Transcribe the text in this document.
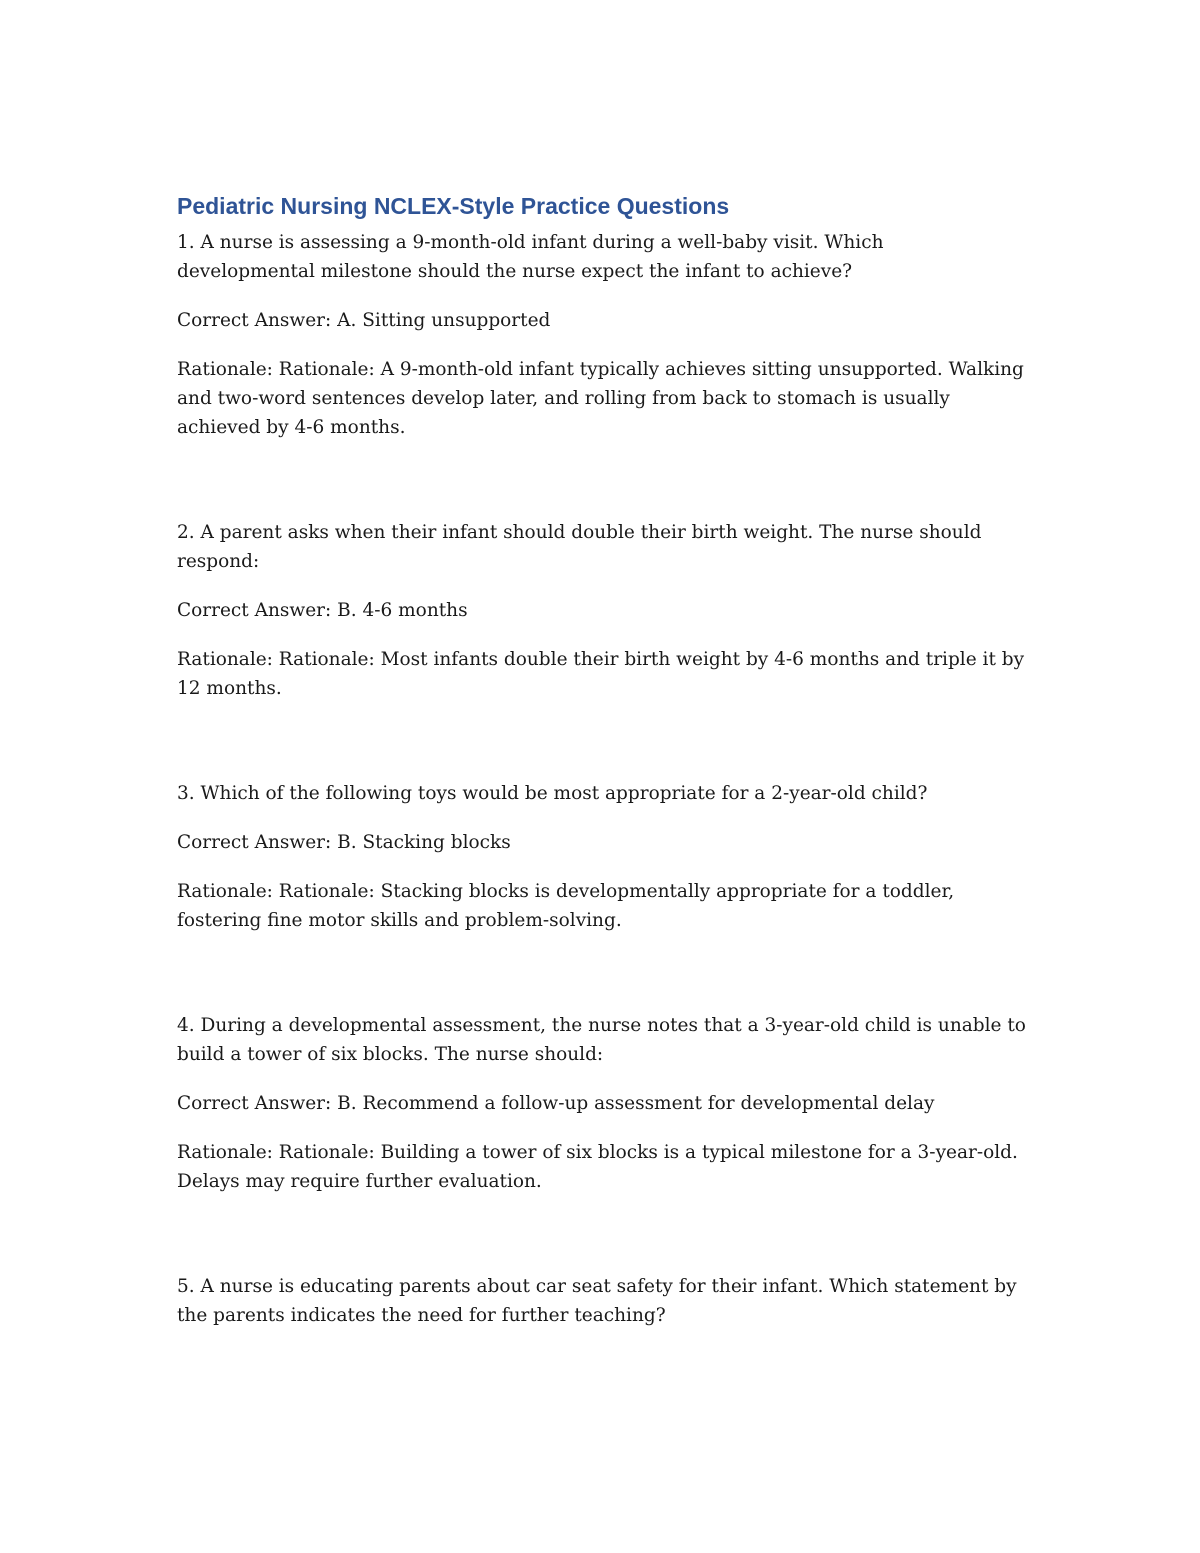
Pediatric Nursing NCLEX-Style Practice Questions

1. A nurse is assessing a 9-month-old infant during a well-baby visit. Which developmental milestone should the nurse expect the infant to achieve?

Correct Answer: A. Sitting unsupported

Rationale: Rationale: A 9-month-old infant typically achieves sitting unsupported. Walking and two-word sentences develop later, and rolling from back to stomach is usually achieved by 4-6 months.

2. A parent asks when their infant should double their birth weight. The nurse should respond:

Correct Answer: B. 4-6 months

Rationale: Rationale: Most infants double their birth weight by 4-6 months and triple it by 12 months.

3. Which of the following toys would be most appropriate for a 2-year-old child?

Correct Answer: B. Stacking blocks

Rationale: Rationale: Stacking blocks is developmentally appropriate for a toddler, fostering fine motor skills and problem-solving.

4. During a developmental assessment, the nurse notes that a 3-year-old child is unable to build a tower of six blocks. The nurse should:

Correct Answer: B. Recommend a follow-up assessment for developmental delay

Rationale: Rationale: Building a tower of six blocks is a typical milestone for a 3-year-old. Delays may require further evaluation.

5. A nurse is educating parents about car seat safety for their infant. Which statement by the parents indicates the need for further teaching?
